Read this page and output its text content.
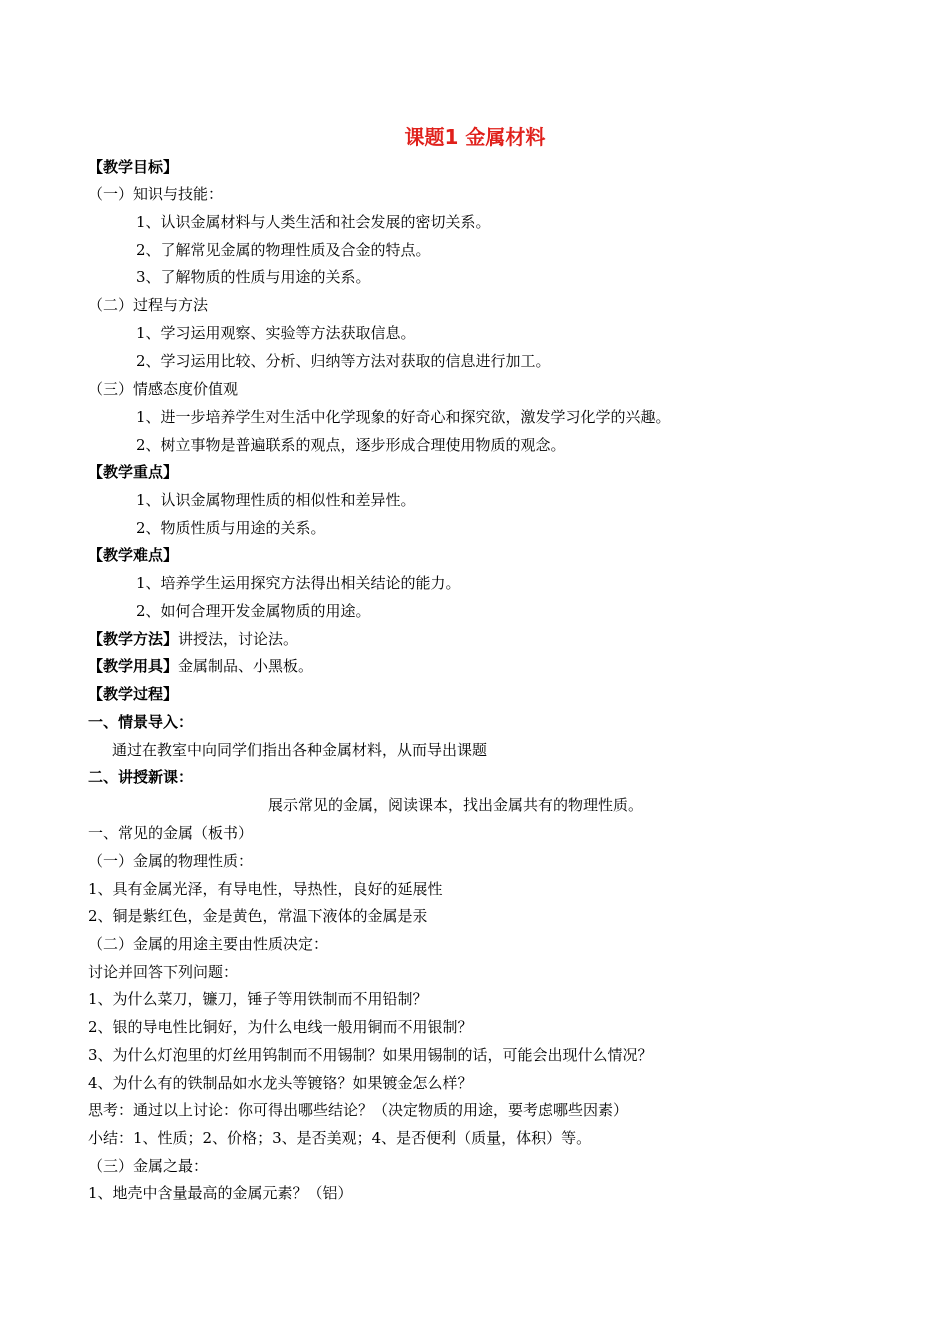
课题1 金属材料
【教学目标】
（一）知识与技能：
1、认识金属材料与人类生活和社会发展的密切关系。
2、了解常见金属的物理性质及合金的特点。
3、了解物质的性质与用途的关系。
（二）过程与方法
1、学习运用观察、实验等方法获取信息。
2、学习运用比较、分析、归纳等方法对获取的信息进行加工。
（三）情感态度价值观
1、进一步培养学生对生活中化学现象的好奇心和探究欲，激发学习化学的兴趣。
2、树立事物是普遍联系的观点，逐步形成合理使用物质的观念。
【教学重点】
1、认识金属物理性质的相似性和差异性。
2、物质性质与用途的关系。
【教学难点】
1、培养学生运用探究方法得出相关结论的能力。
2、如何合理开发金属物质的用途。
【教学方法】讲授法，讨论法。
【教学用具】金属制品、小黑板。
【教学过程】
一、情景导入：
通过在教室中向同学们指出各种金属材料，从而导出课题
二、讲授新课：
展示常见的金属，阅读课本，找出金属共有的物理性质。
一、常见的金属（板书）
（一）金属的物理性质：
1、具有金属光泽，有导电性，导热性，良好的延展性
2、铜是紫红色，金是黄色，常温下液体的金属是汞
（二）金属的用途主要由性质决定：
讨论并回答下列问题：
1、为什么菜刀，镰刀，锤子等用铁制而不用铅制？
2、银的导电性比铜好，为什么电线一般用铜而不用银制？
3、为什么灯泡里的灯丝用钨制而不用锡制？如果用锡制的话，可能会出现什么情况？
4、为什么有的铁制品如水龙头等镀铬？如果镀金怎么样？
思考：通过以上讨论：你可得出哪些结论？（决定物质的用途，要考虑哪些因素）
小结：1、性质；2、价格；3、是否美观；4、是否便利（质量，体积）等。
（三）金属之最：
1、地壳中含量最高的金属元素？（铝）
